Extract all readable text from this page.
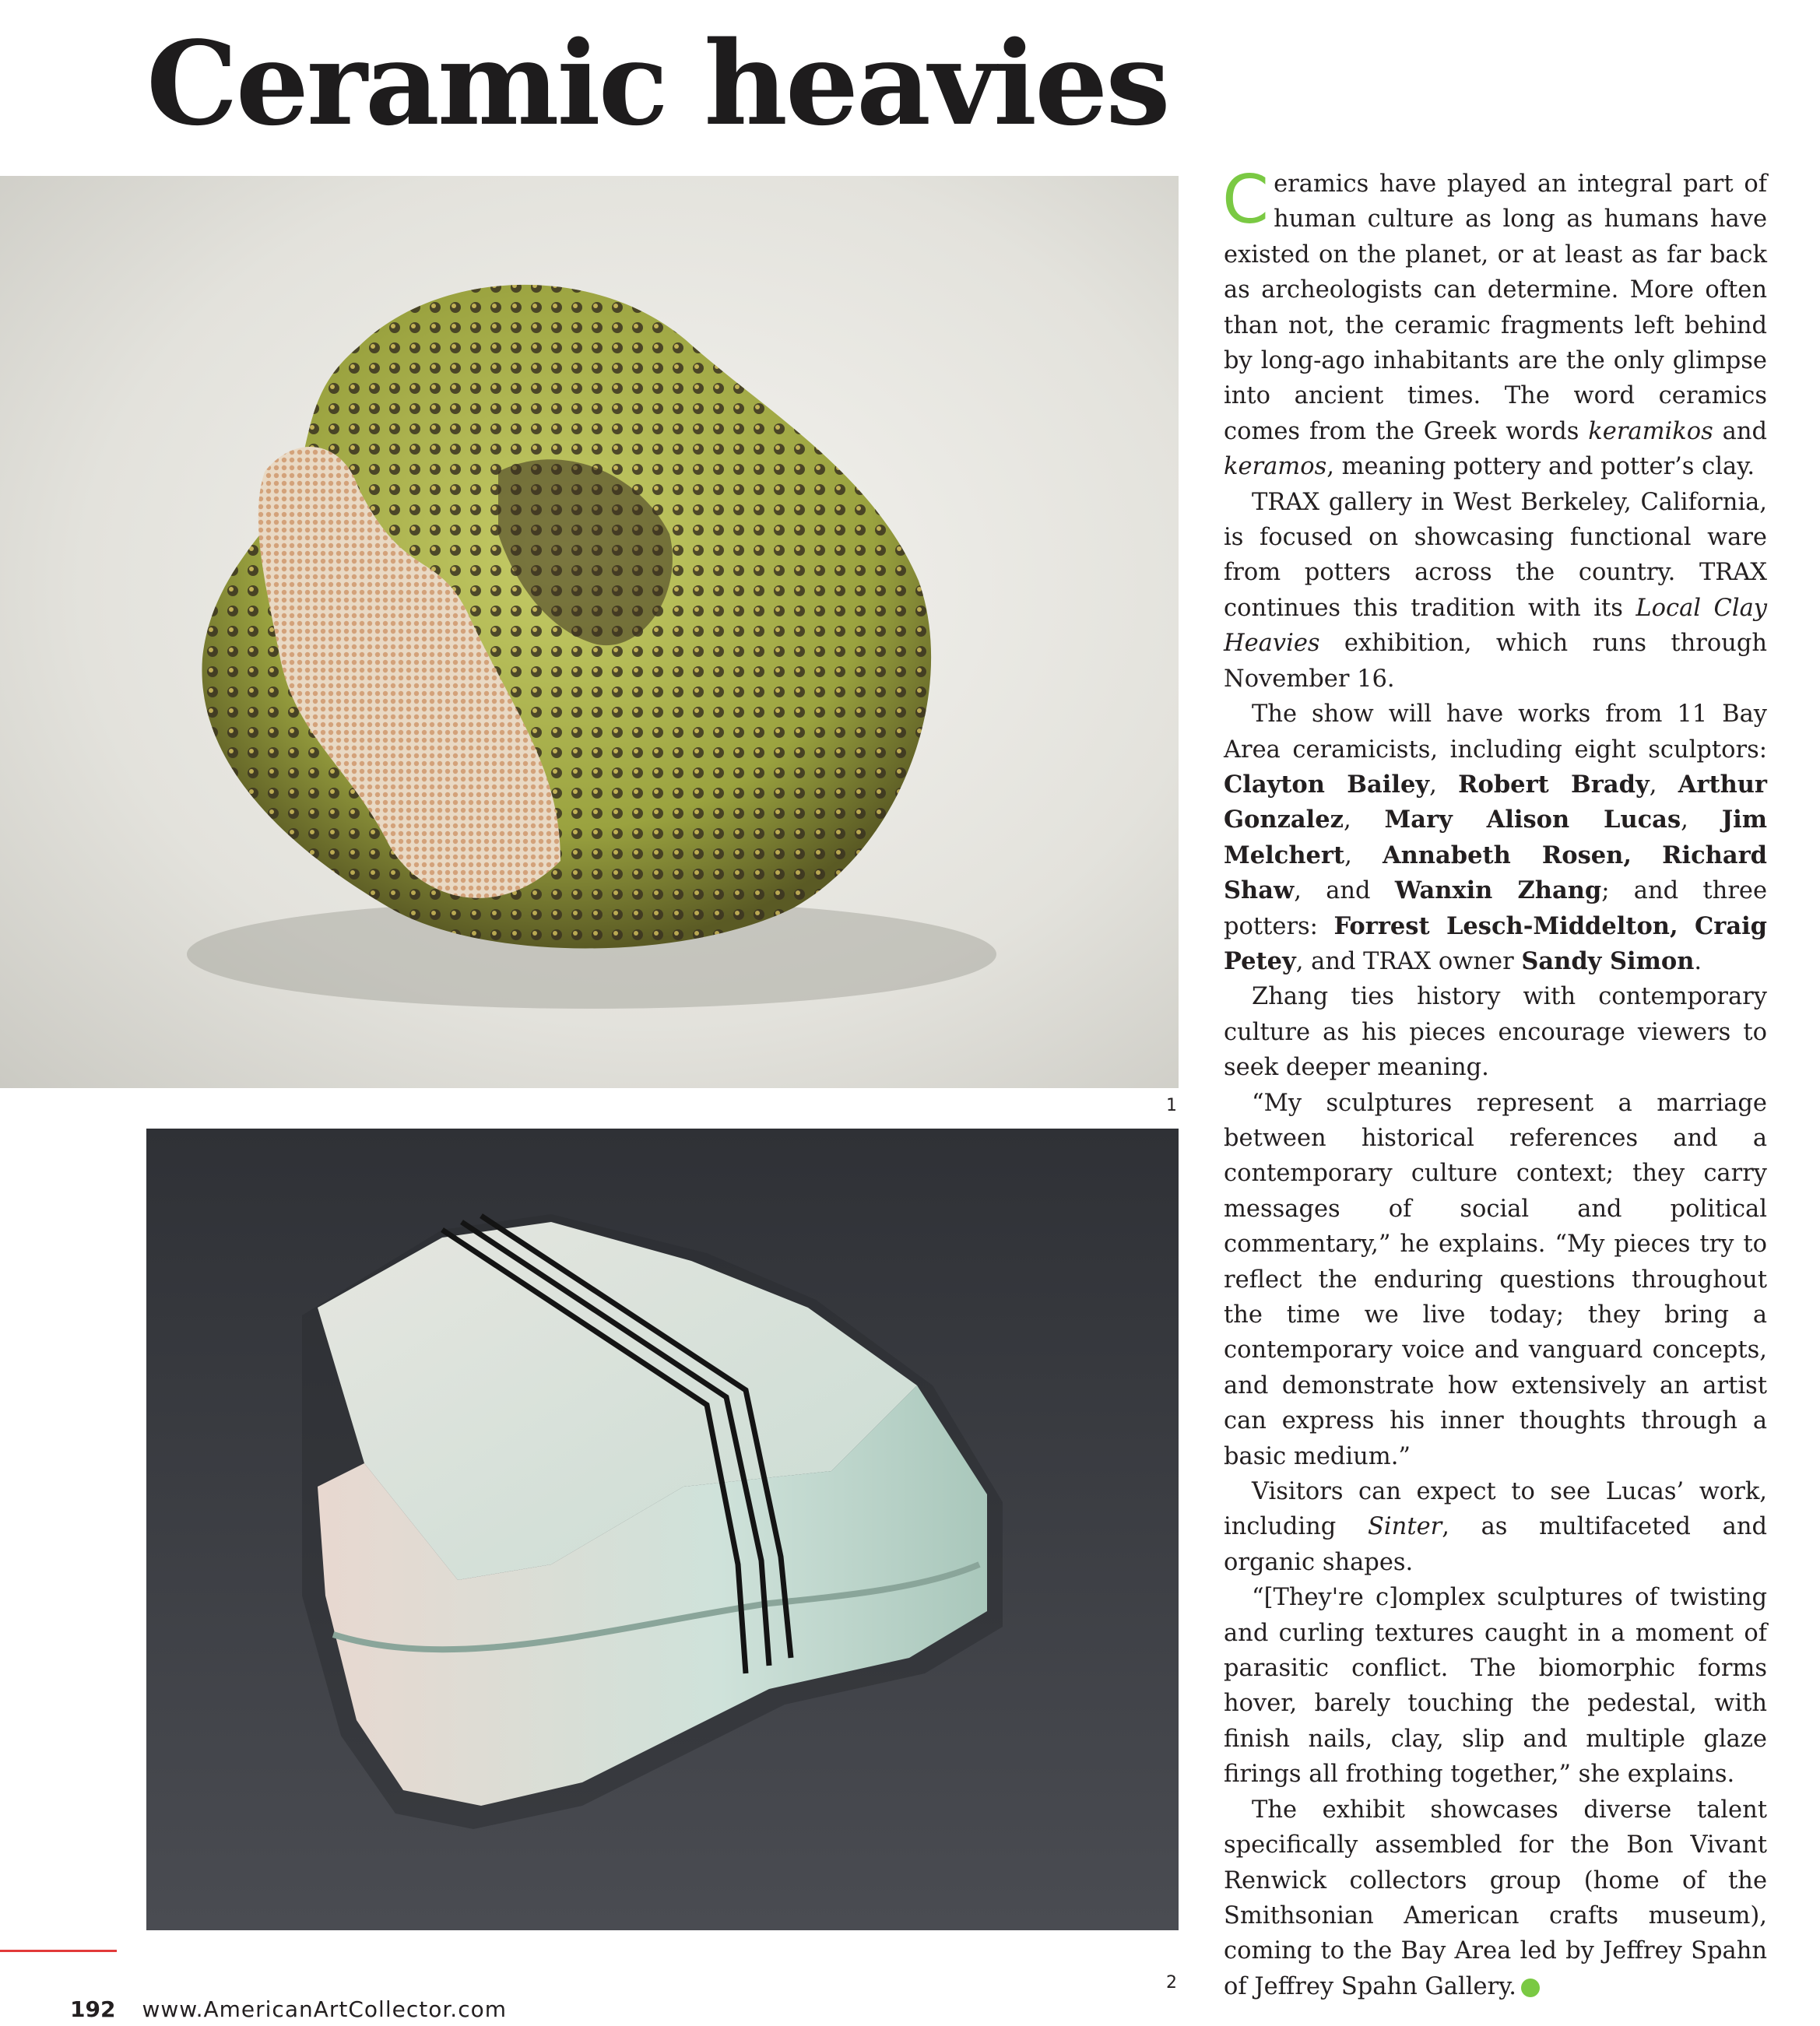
Ceramic heavies
1
2

Ceramics have played an integral part of human culture as long as humans have existed on the planet, or at least as far back as archeologists can determine. More often than not, the ceramic fragments left behind by long-ago inhabitants are the only glimpse into ancient times. The word ceramics comes from the Greek words keramikos and keramos, meaning pottery and potter’s clay.

TRAX gallery in West Berkeley, California, is focused on showcasing functional ware from potters across the country. TRAX continues this tradition with its Local Clay Heavies exhibition, which runs through November 16.

The show will have works from 11 Bay Area ceramicists, including eight sculptors: Clayton Bailey, Robert Brady, Arthur Gonzalez, Mary Alison Lucas, Jim Melchert, Annabeth Rosen, Richard Shaw, and Wanxin Zhang; and three potters: Forrest Lesch-Middelton, Craig Petey, and TRAX owner Sandy Simon.

Zhang ties history with contemporary culture as his pieces encourage viewers to seek deeper meaning.

“My sculptures represent a marriage between historical references and a contemporary culture context; they carry messages of social and political commentary,” he explains. “My pieces try to reflect the enduring questions throughout the time we live today; they bring a contemporary voice and vanguard concepts, and demonstrate how extensively an artist can express his inner thoughts through a basic medium.”

Visitors can expect to see Lucas’ work, including Sinter, as multifaceted and organic shapes.

“[They're c]omplex sculptures of twisting and curling textures caught in a moment of parasitic conflict. The biomorphic forms hover, barely touching the pedestal, with finish nails, clay, slip and multiple glaze firings all frothing together,” she explains.

The exhibit showcases diverse talent specifically assembled for the Bon Vivant Renwick collectors group (home of the Smithsonian American crafts museum), coming to the Bay Area led by Jeffrey Spahn of Jeffrey Spahn Gallery.

192 www.AmericanArtCollector.com
